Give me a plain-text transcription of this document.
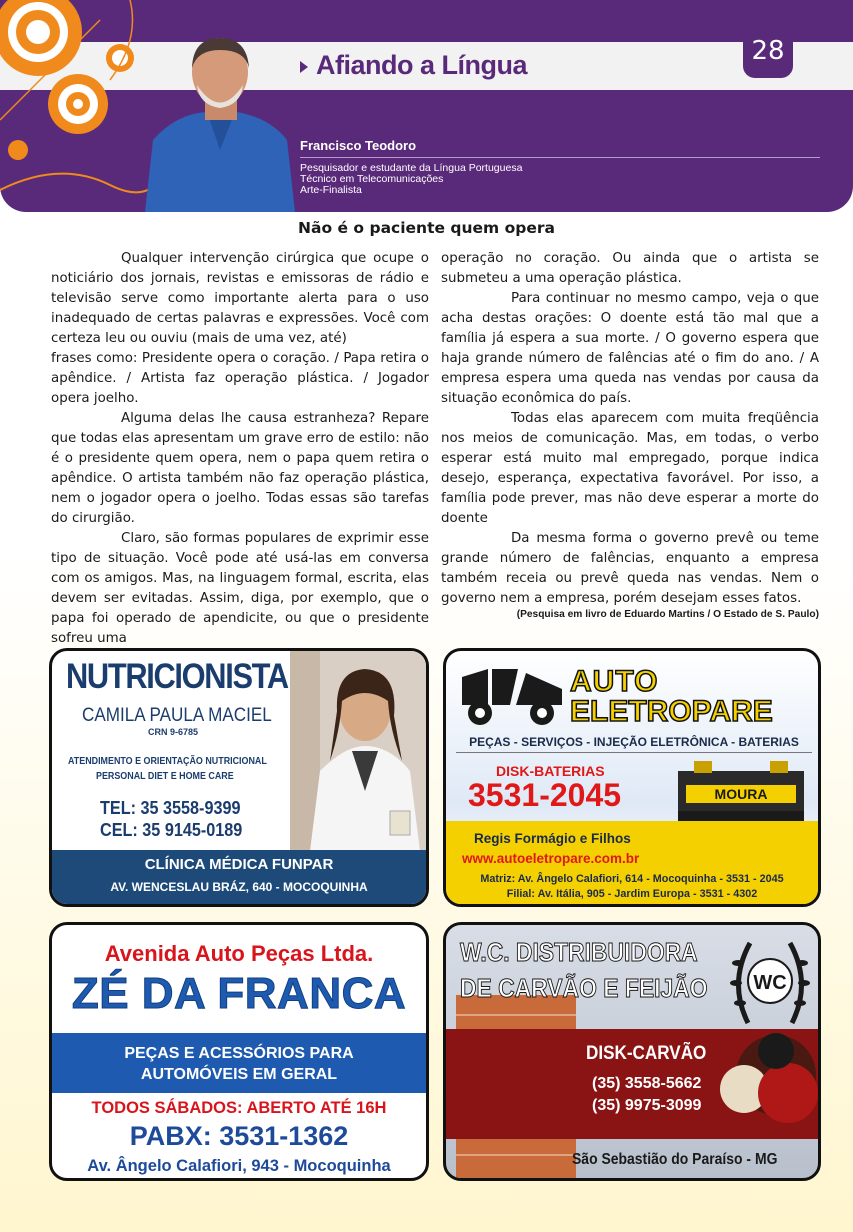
Afiando a Língua	28
Francisco Teodoro
Pesquisador e estudante da Língua Portuguesa
Técnico em Telecomunicações
Arte-Finalista
Não é o paciente quem opera

Qualquer intervenção cirúrgica que ocupe o noticiário dos jornais, revistas e emissoras de rádio e televisão serve como importante alerta para o uso inadequado de certas palavras e expressões. Você com certeza leu ou ouviu (mais de uma vez, até)

frases como: Presidente opera o coração. / Papa retira o apêndice. / Artista faz operação plástica. / Jogador opera joelho.

Alguma delas lhe causa estranheza? Repare que todas elas apresentam um grave erro de estilo: não é o presidente quem opera, nem o papa quem retira o apêndice. O artista também não faz operação plástica, nem o jogador opera o joelho. Todas essas são tarefas do cirurgião.

Claro, são formas populares de exprimir esse tipo de situação. Você pode até usá-las em conversa com os amigos. Mas, na linguagem formal, escrita, elas devem ser evitadas. Assim, diga, por exemplo, que o papa foi operado de apendicite, ou que o presidente sofreu uma

operação no coração. Ou ainda que o artista se submeteu a uma operação plástica.

Para continuar no mesmo campo, veja o que acha destas orações: O doente está tão mal que a família já espera a sua morte. / O governo espera que haja grande número de falências até o fim do ano. / A empresa espera uma queda nas vendas por causa da situação econômica do país.

Todas elas aparecem com muita freqüência nos meios de comunicação. Mas, em todas, o verbo esperar está muito mal empregado, porque indica desejo, esperança, expectativa favorável. Por isso, a família pode prever, mas não deve esperar a morte do doente

Da mesma forma o governo prevê ou teme grande número de falências, enquanto a empresa também receia ou prevê queda nas vendas. Nem o governo nem a empresa, porém desejam esses fatos.

(Pesquisa em livro de Eduardo Martins / O Estado de S. Paulo)
NUTRICIONISTA
CAMILA PAULA MACIEL
CRN 9-6785
ATENDIMENTO E ORIENTAÇÃO NUTRICIONAL
PERSONAL DIET E HOME CARE
TEL: 35 3558-9399
CEL: 35 9145-0189
CLÍNICA MÉDICA FUNPAR
AV. WENCESLAU BRÁZ, 640 - MOCOQUINHA
AUTO
ELETROPARE
PEÇAS - SERVIÇOS - INJEÇÃO ELETRÔNICA - BATERIAS
DISK-BATERIAS
3531-2045	MOURA
Regis Formágio e Filhos
www.autoeletropare.com.br
Matriz: Av. Ângelo Calafiori, 614 - Mocoquinha - 3531 - 2045
Filial: Av. Itália, 905 - Jardim Europa - 3531 - 4302
Avenida Auto Peças Ltda.
ZÉ DA FRANCA
PEÇAS E ACESSÓRIOS PARA
AUTOMÓVEIS EM GERAL
TODOS SÁBADOS: ABERTO ATÉ 16H
PABX: 3531-1362
Av. Ângelo Calafiori, 943 - Mocoquinha
W.C. DISTRIBUIDORA
DE CARVÃO E FEIJÃO WC
DISK-CARVÃO
(35) 3558-5662
(35) 9975-3099
São Sebastião do Paraíso - MG
